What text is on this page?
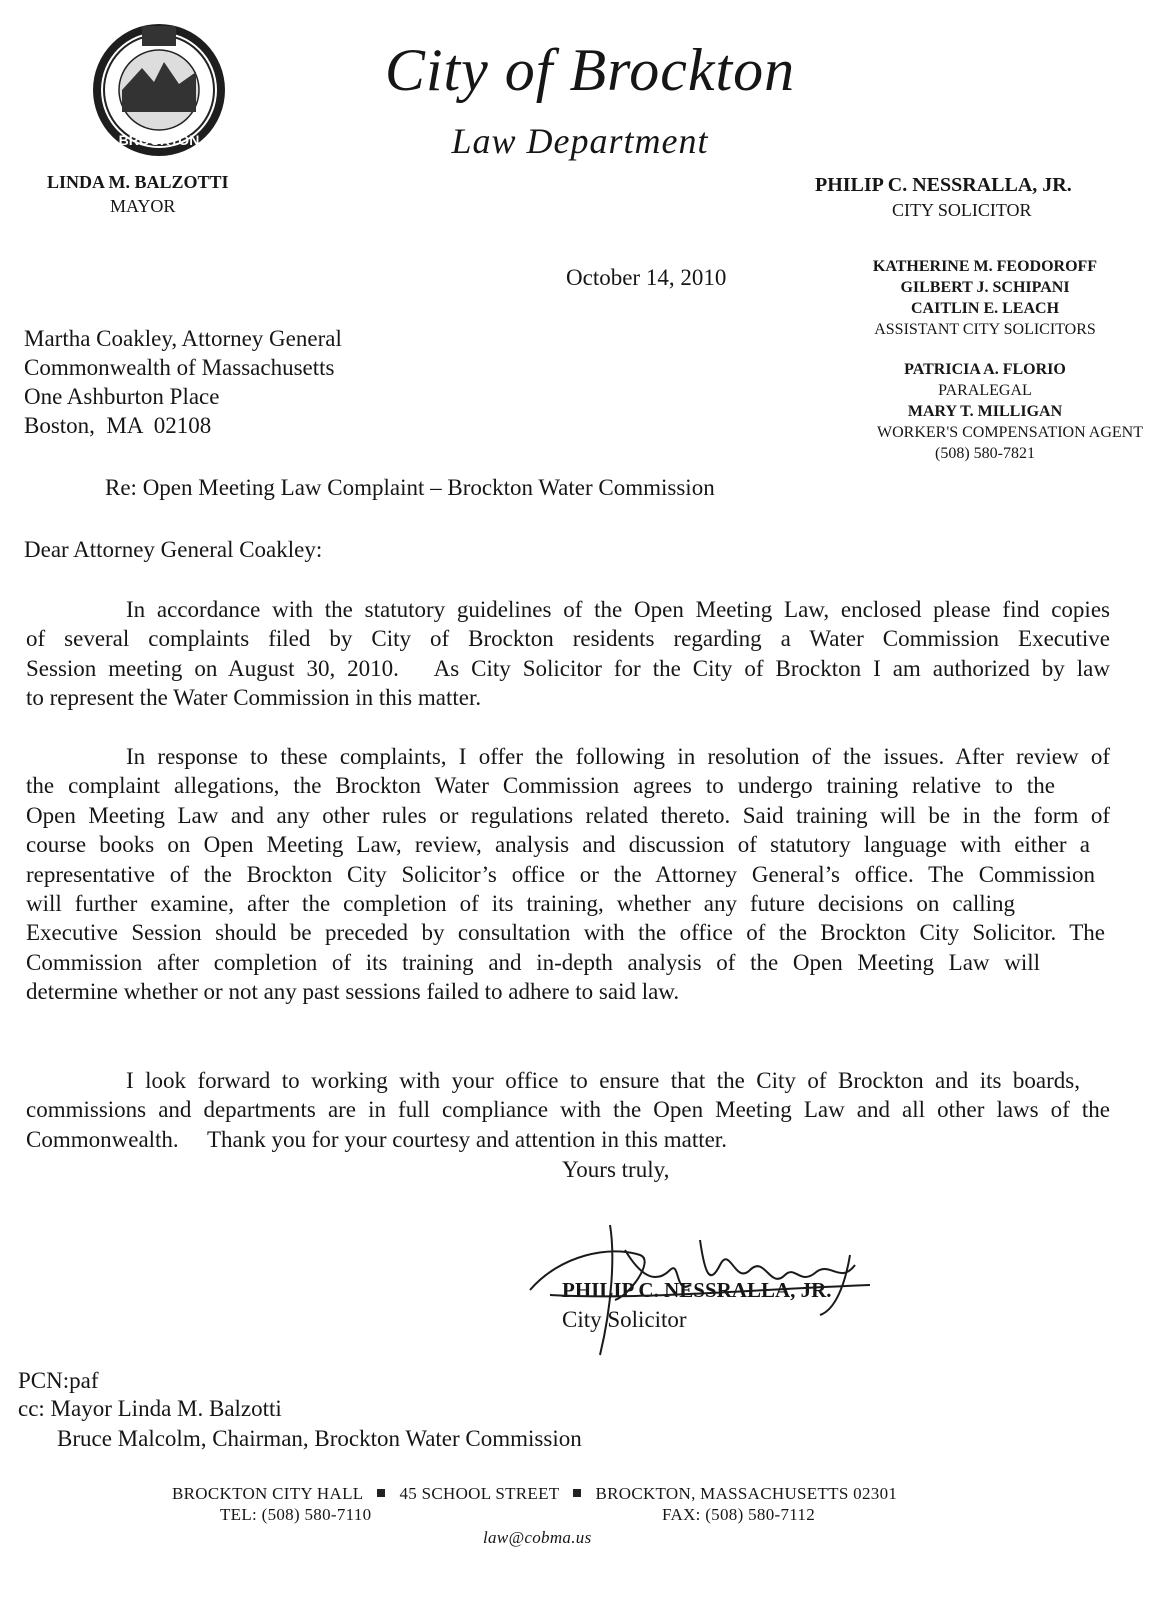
BROCKTON
City of Brockton
Law Department
LINDA M. BALZOTTI
MAYOR
PHILIP C. NESSRALLA, JR.
CITY SOLICITOR
KATHERINE M. FEODOROFF
GILBERT J. SCHIPANI
CAITLIN E. LEACH
ASSISTANT CITY SOLICITORS
PATRICIA A. FLORIO
PARALEGAL
MARY T. MILLIGAN
WORKER'S COMPENSATION AGENT
(508) 580-7821
October 14, 2010
Martha Coakley, Attorney General
Commonwealth of Massachusetts
One Ashburton Place
Boston,  MA  02108
Re: Open Meeting Law Complaint – Brockton Water Commission
Dear Attorney General Coakley:
In accordance with the statutory guidelines of the Open Meeting Law, enclosed please find copies
of several complaints filed by City of Brockton residents regarding a Water Commission Executive
Session meeting on August 30, 2010.   As City Solicitor for the City of Brockton I am authorized by law
to represent the Water Commission in this matter.
In response to these complaints, I offer the following in resolution of the issues. After review of
the complaint allegations, the Brockton Water Commission agrees to undergo training relative to the
Open Meeting Law and any other rules or regulations related thereto. Said training will be in the form of
course books on Open Meeting Law, review, analysis and discussion of statutory language with either a
representative of the Brockton City Solicitor’s office or the Attorney General’s office. The Commission
will further examine, after the completion of its training, whether any future decisions on calling
Executive Session should be preceded by consultation with the office of the Brockton City Solicitor. The
Commission after completion of its training and in-depth analysis of the Open Meeting Law will
determine whether or not any past sessions failed to adhere to said law.
I look forward to working with your office to ensure that the City of Brockton and its boards,
commissions and departments are in full compliance with the Open Meeting Law and all other laws of the
Commonwealth.     Thank you for your courtesy and attention in this matter.
Yours truly,
PHILIP C. NESSRALLA, JR.
City Solicitor
PCN:paf
cc: Mayor Linda M. Balzotti
Bruce Malcolm, Chairman, Brockton Water Commission
BROCKTON CITY HALL 45 SCHOOL STREET BROCKTON, MASSACHUSETTS 02301
TEL: (508) 580-7110	FAX: (508) 580-7112
law@cobma.us
